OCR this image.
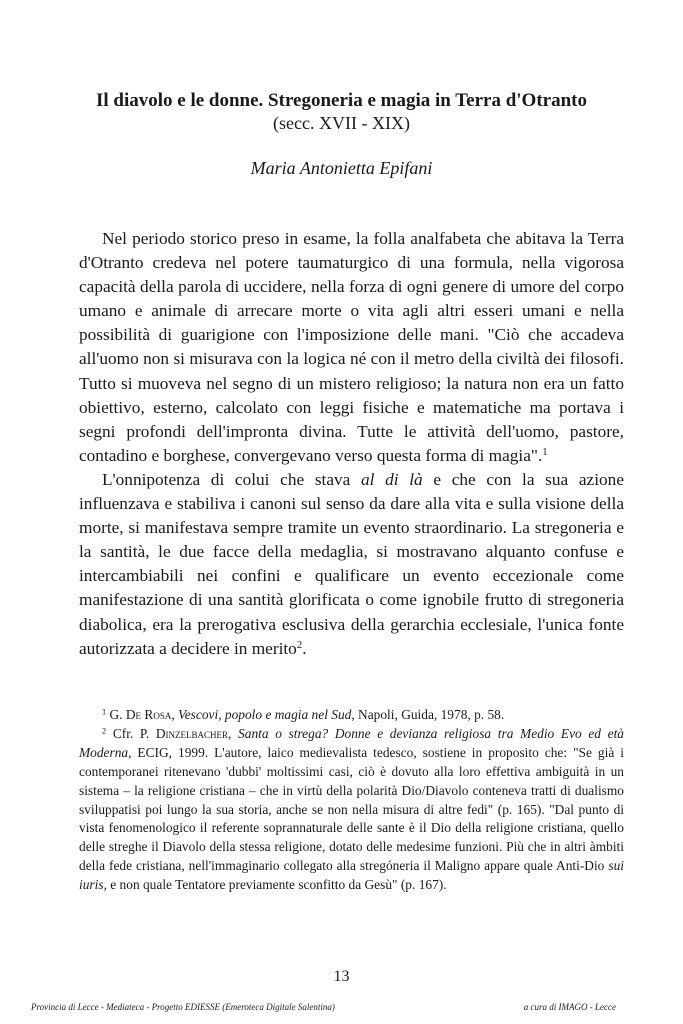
Il diavolo e le donne. Stregoneria e magia in Terra d'Otranto
(secc. XVII - XIX)
Maria Antonietta Epifani

Nel periodo storico preso in esame, la folla analfabeta che abitava la Terra d'Otranto credeva nel potere taumaturgico di una formula, nella vigorosa capacità della parola di uccidere, nella forza di ogni genere di umore del corpo umano e animale di arrecare morte o vita agli altri esseri umani e nella possibilità di guarigione con l'imposizione delle mani. "Ciò che accadeva all'uomo non si misurava con la logica né con il metro della civiltà dei filosofi. Tutto si muoveva nel segno di un mistero religioso; la natura non era un fatto obiettivo, esterno, calcolato con leggi fisiche e matematiche ma portava i segni profondi dell'impronta divina. Tutte le attività dell'uomo, pastore, contadino e borghese, convergevano verso questa forma di magia".$^1$

L'onnipotenza di colui che stava al di là e che con la sua azione influenzava e stabiliva i canoni sul senso da dare alla vita e sulla visione della morte, si manifestava sempre tramite un evento straordinario. La stregoneria e la santità, le due facce della medaglia, si mostravano alquanto confuse e intercambiabili nei confini e qualificare un evento eccezionale come manifestazione di una santità glorificata o come ignobile frutto di stregoneria diabolica, era la prerogativa esclusiva della gerarchia ecclesiale, l'unica fonte autorizzata a decidere in merito$^2$.

$^1$ G. De Rosa, Vescovi, popolo e magia nel Sud, Napoli, Guida, 1978, p. 58.

$^2$ Cfr. P. Dinzelbacher, Santa o strega? Donne e devianza religiosa tra Medio Evo ed età Moderna, ECIG, 1999. L'autore, laico medievalista tedesco, sostiene in proposito che: "Se già i contemporanei ritenevano 'dubbi' moltissimi casi, ciò è dovuto alla loro effettiva ambiguità in un sistema – la religione cristiana – che in virtù della polarità Dio/Diavolo conteneva tratti di dualismo sviluppatisi poi lungo la sua storia, anche se non nella misura di altre fedi" (p. 165). "Dal punto di vista fenomenologico il referente soprannaturale delle sante è il Dio della religione cristiana, quello delle streghe il Diavolo della stessa religione, dotato delle medesime funzioni. Più che in altri àmbiti della fede cristiana, nell'immaginario collegato alla stregóneria il Maligno appare quale Anti-Dio sui iuris, e non quale Tentatore previamente sconfitto da Gesù" (p. 167).

13
Provincia di Lecce - Mediateca - Progetto EDIESSE (Emeroteca Digitale Salentina)	a cura di IMAGO - Lecce
